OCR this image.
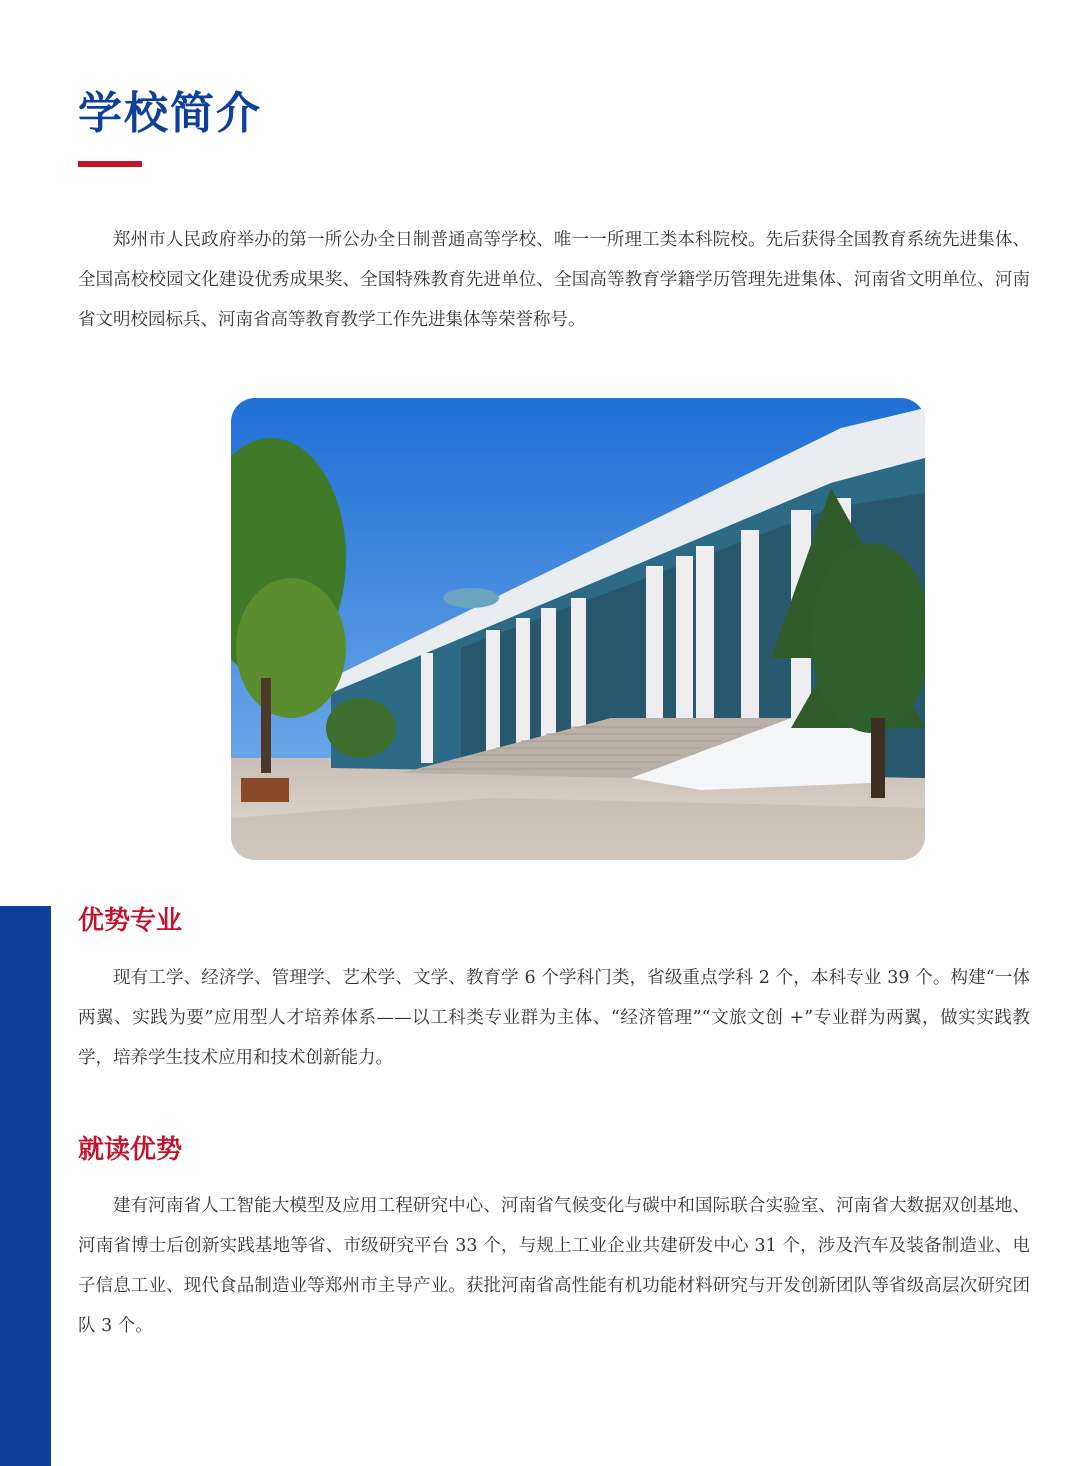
学校简介

郑州市人民政府举办的第一所公办全日制普通高等学校、唯一一所理工类本科院校。先后获得全国教育系统先进集体、全国高校校园文化建设优秀成果奖、全国特殊教育先进单位、全国高等教育学籍学历管理先进集体、河南省文明单位、河南省文明校园标兵、河南省高等教育教学工作先进集体等荣誉称号。

优势专业

现有工学、经济学、管理学、艺术学、文学、教育学 6 个学科门类，省级重点学科 2 个，本科专业 39 个。构建“一体两翼、实践为要”应用型人才培养体系——以工科类专业群为主体、“经济管理”“文旅文创 +”专业群为两翼，做实实践教学，培养学生技术应用和技术创新能力。

就读优势

建有河南省人工智能大模型及应用工程研究中心、河南省气候变化与碳中和国际联合实验室、河南省大数据双创基地、河南省博士后创新实践基地等省、市级研究平台 33 个，与规上工业企业共建研发中心 31 个，涉及汽车及装备制造业、电子信息工业、现代食品制造业等郑州市主导产业。获批河南省高性能有机功能材料研究与开发创新团队等省级高层次研究团队 3 个。
